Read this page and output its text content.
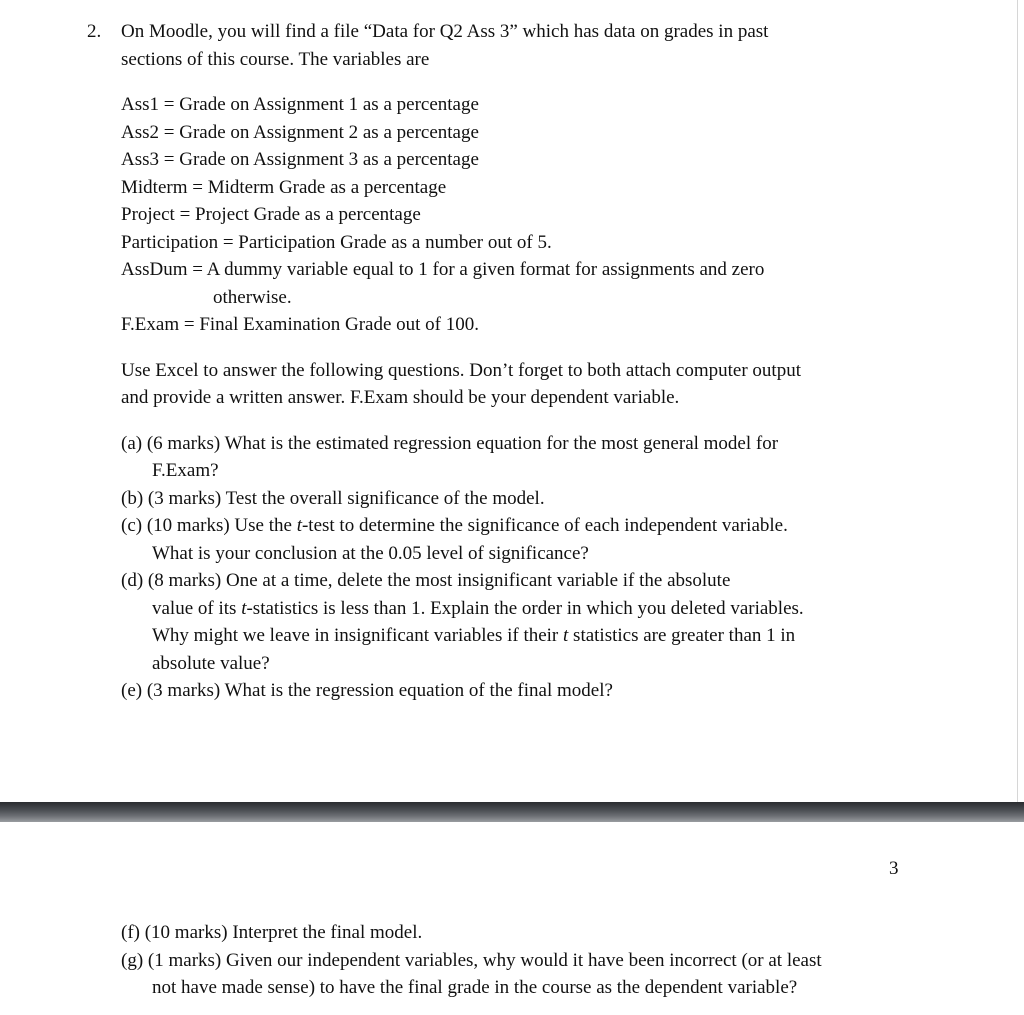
2. On Moodle, you will find a file “Data for Q2 Ass 3” which has data on grades in past
sections of this course. The variables are
Ass1 = Grade on Assignment 1 as a percentage
Ass2 = Grade on Assignment 2 as a percentage
Ass3 = Grade on Assignment 3 as a percentage
Midterm = Midterm Grade as a percentage
Project = Project Grade as a percentage
Participation = Participation Grade as a number out of 5.
AssDum = A dummy variable equal to 1 for a given format for assignments and zero
otherwise.
F.Exam = Final Examination Grade out of 100.
Use Excel to answer the following questions. Don’t forget to both attach computer output
and provide a written answer. F.Exam should be your dependent variable.
(a) (6 marks) What is the estimated regression equation for the most general model for
F.Exam?
(b) (3 marks) Test the overall significance of the model.
(c) (10 marks) Use the t-test to determine the significance of each independent variable.
What is your conclusion at the 0.05 level of significance?
(d) (8 marks) One at a time, delete the most insignificant variable if the absolute
value of its t-statistics is less than 1. Explain the order in which you deleted variables.
Why might we leave in insignificant variables if their t statistics are greater than 1 in
absolute value?
(e) (3 marks) What is the regression equation of the final model?
3
(f) (10 marks) Interpret the final model.
(g) (1 marks) Given our independent variables, why would it have been incorrect (or at least
not have made sense) to have the final grade in the course as the dependent variable?
